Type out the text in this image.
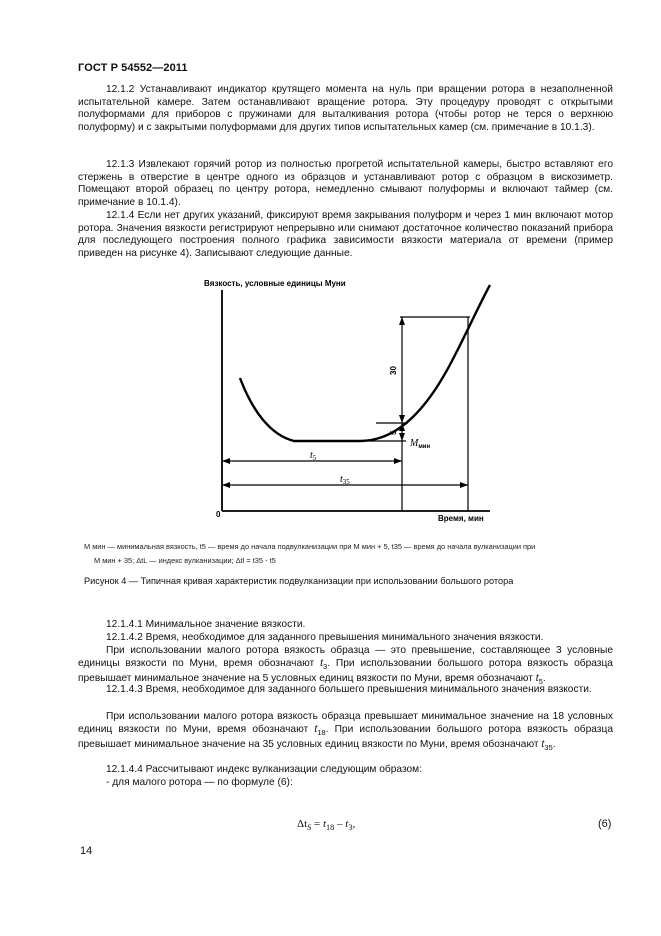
ГОСТ Р 54552—2011

12.1.2 Устанавливают индикатор крутящего момента на нуль при вращении ротора в незаполненной испытательной камере. Затем останавливают вращение ротора. Эту процедуру проводят с открытыми полуформами для приборов с пружинами для выталкивания ротора (чтобы ротор не терся о верхнюю полуформу) и с закрытыми полуформами для других типов испытательных камер (см. примечание в 10.1.3).

12.1.3 Извлекают горячий ротор из полностью прогретой испытательной камеры, быстро вставляют его стержень в отверстие в центре одного из образцов и устанавливают ротор с образцом в вискозиметр. Помещают второй образец по центру ротора, немедленно смывают полуформы и включают таймер (см. примечание в 10.1.4).

12.1.4 Если нет других указаний, фиксируют время закрывания полуформ и через 1 мин включают мотор ротора. Значения вязкости регистрируют непрерывно или снимают достаточное количество показаний прибора для последующего построения полного графика зависимости вязкости материала от времени (пример приведен на рисунке 4). Записывают следующие данные.

Вязкость, условные единицы Муни
Время, мин
0
30
5
$M_{мин}$
$t_5$
$t_{35}$
M мин — минимальная вязкость, t5 — время до начала подвулканизации при M мин + 5, t35 — время до начала вулканизации при
M мин + 35; ΔtL — индекс вулканизации; Δtl = t35 - t5
Рисунок 4 — Типичная кривая характеристик подвулканизации при использовании большого ротора

12.1.4.1 Минимальное значение вязкости.

12.1.4.2 Время, необходимое для заданного превышения минимального значения вязкости.

При использовании малого ротора вязкость образца — это превышение, составляющее 3 условные единицы вязкости по Муни, время обозначают $t_3$. При использовании большого ротора вязкость образца превышает минимальное значение на 5 условных единиц вязкости по Муни, время обозначают $t_5$.

12.1.4.3 Время, необходимое для заданного большего превышения минимального значения вязкости.

При использовании малого ротора вязкость образца превышает минимальное значение на 18 условных единиц вязкости по Муни, время обозначают $t_{18}$. При использовании большого ротора вязкость образца превышает минимальное значение на 35 условных единиц вязкости по Муни, время обозначают $t_{35}$.

12.1.4.4 Рассчитывают индекс вулканизации следующим образом:

- для малого ротора — по формуле (6):

$\Delta t_S = t_{18} - t_3$,	(6)
14
